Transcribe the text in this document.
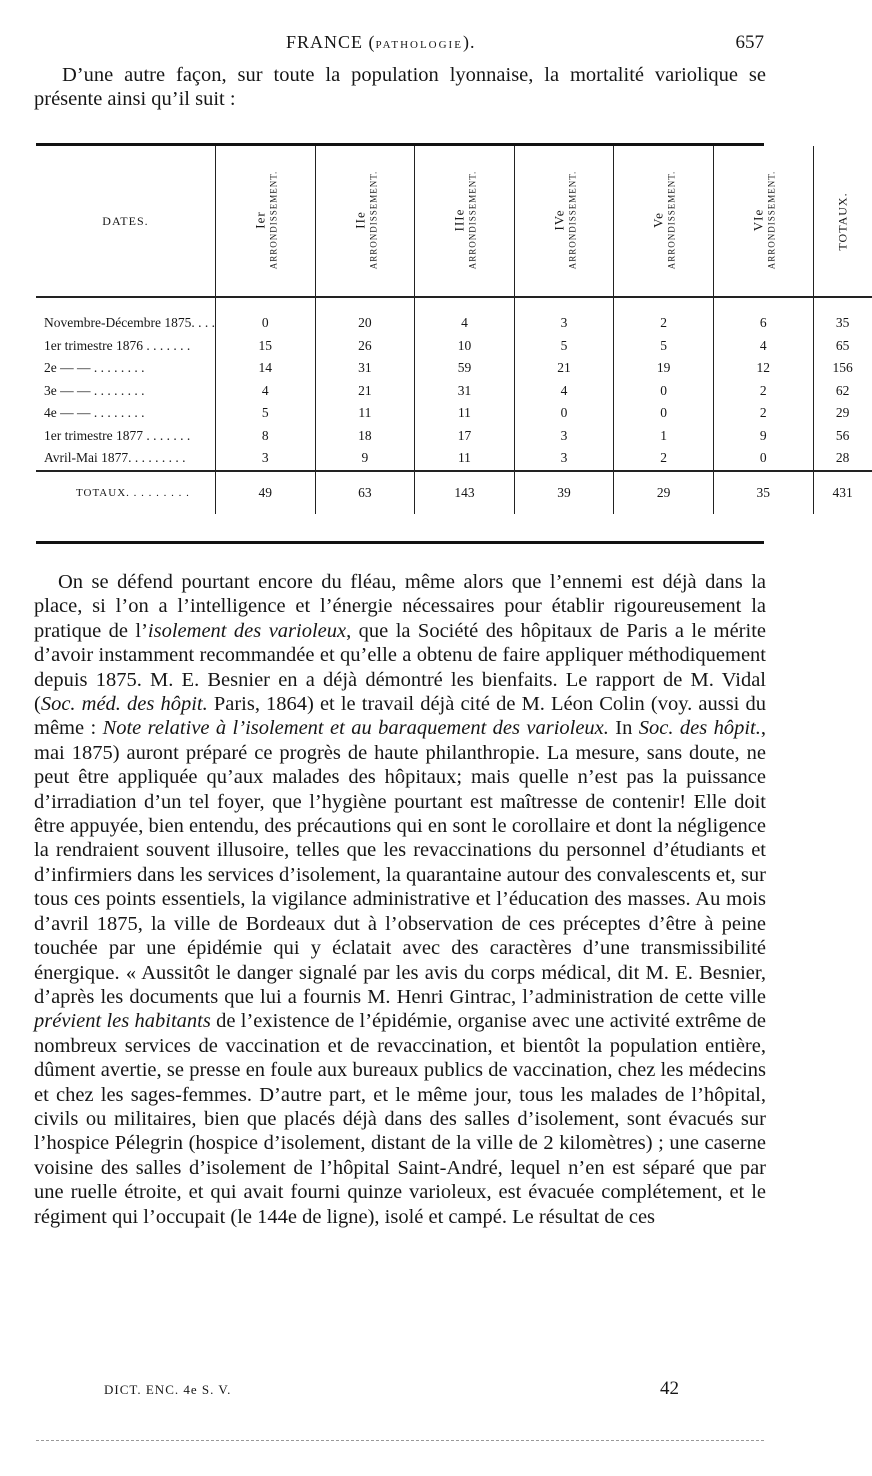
FRANCE (PATHOLOGIE).	657
D’une autre façon, sur toute la population lyonnaise, la mortalité variolique se présente ainsi qu’il suit :
DATES.	Ier ARRONDISSEMENT.	IIe ARRONDISSEMENT.	IIIe ARRONDISSEMENT.	IVe ARRONDISSEMENT.	Ve ARRONDISSEMENT.	VIe ARRONDISSEMENT.	TOTAUX.
Novembre-Décembre 1875. . . .	0	20	4	3	2	6	35
1er trimestre 1876 . . . . . . .	15	26	10	5	5	4	65
2e — — . . . . . . . .	14	31	59	21	19	12	156
3e — — . . . . . . . .	4	21	31	4	0	2	62
4e — — . . . . . . . .	5	11	11	0	0	2	29
1er trimestre 1877 . . . . . . .	8	18	17	3	1	9	56
Avril-Mai 1877. . . . . . . . .	3	9	11	3	2	0	28
TOTAUX. . . . . . . . .	49	63	143	39	29	35	431
On se défend pourtant encore du fléau, même alors que l’ennemi est déjà dans la place, si l’on a l’intelligence et l’énergie nécessaires pour établir rigoureusement la pratique de l’isolement des varioleux, que la Société des hôpitaux de Paris a le mérite d’avoir instamment recommandée et qu’elle a obtenu de faire appliquer méthodiquement depuis 1875. M. E. Besnier en a déjà démontré les bienfaits. Le rapport de M. Vidal (Soc. méd. des hôpit. Paris, 1864) et le travail déjà cité de M. Léon Colin (voy. aussi du même : Note relative à l’isolement et au baraquement des varioleux. In Soc. des hôpit., mai 1875) auront préparé ce progrès de haute philanthropie. La mesure, sans doute, ne peut être appliquée qu’aux malades des hôpitaux; mais quelle n’est pas la puissance d’irradiation d’un tel foyer, que l’hygiène pourtant est maîtresse de contenir! Elle doit être appuyée, bien entendu, des précautions qui en sont le corollaire et dont la négligence la rendraient souvent illusoire, telles que les revaccinations du personnel d’étudiants et d’infirmiers dans les services d’isolement, la quarantaine autour des convalescents et, sur tous ces points essentiels, la vigilance administrative et l’éducation des masses. Au mois d’avril 1875, la ville de Bordeaux dut à l’observation de ces préceptes d’être à peine touchée par une épidémie qui y éclatait avec des caractères d’une transmissibilité énergique. « Aussitôt le danger signalé par les avis du corps médical, dit M. E. Besnier, d’après les documents que lui a fournis M. Henri Gintrac, l’administration de cette ville prévient les habitants de l’existence de l’épidémie, organise avec une activité extrême de nombreux services de vaccination et de revaccination, et bientôt la population entière, dûment avertie, se presse en foule aux bureaux publics de vaccination, chez les médecins et chez les sages-femmes. D’autre part, et le même jour, tous les malades de l’hôpital, civils ou militaires, bien que placés déjà dans des salles d’isolement, sont évacués sur l’hospice Pélegrin (hospice d’isolement, distant de la ville de 2 kilomètres) ; une caserne voisine des salles d’isolement de l’hôpital Saint-André, lequel n’en est séparé que par une ruelle étroite, et qui avait fourni quinze varioleux, est évacuée complétement, et le régiment qui l’occupait (le 144e de ligne), isolé et campé. Le résultat de ces
DICT. ENC. 4e S. V.	42
